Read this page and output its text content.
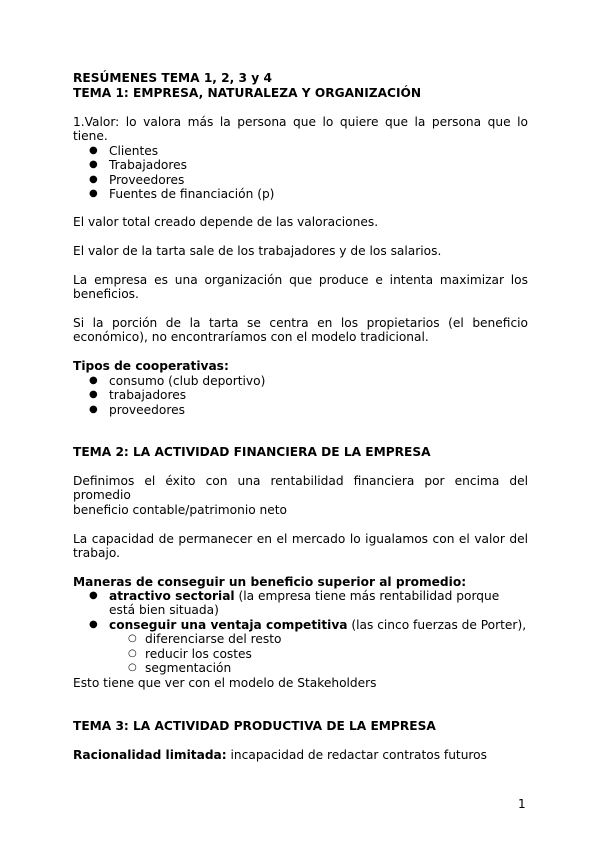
RESÚMENES TEMA 1, 2, 3 y 4
TEMA 1: EMPRESA, NATURALEZA Y ORGANIZACIÓN
1.Valor: lo valora más la persona que lo quiere que la persona que lo tiene.
● Clientes
● Trabajadores
● Proveedores
● Fuentes de financiación (p)
El valor total creado depende de las valoraciones.
El valor de la tarta sale de los trabajadores y de los salarios.
La empresa es una organización que produce e intenta maximizar los beneficios.
Si la porción de la tarta se centra en los propietarios (el beneficio económico), no encontraríamos con el modelo tradicional.
Tipos de cooperativas:
● consumo (club deportivo)
● trabajadores
● proveedores
TEMA 2: LA ACTIVIDAD FINANCIERA DE LA EMPRESA
Definimos el éxito con una rentabilidad financiera por encima del promedio
beneficio contable/patrimonio neto
La capacidad de permanecer en el mercado lo igualamos con el valor del trabajo.
Maneras de conseguir un beneficio superior al promedio:
● atractivo sectorial (la empresa tiene más rentabilidad porque está bien situada)
● conseguir una ventaja competitiva (las cinco fuerzas de Porter),
○ diferenciarse del resto
○ reducir los costes
○ segmentación
Esto tiene que ver con el modelo de Stakeholders
TEMA 3: LA ACTIVIDAD PRODUCTIVA DE LA EMPRESA
Racionalidad limitada: incapacidad de redactar contratos futuros
1
